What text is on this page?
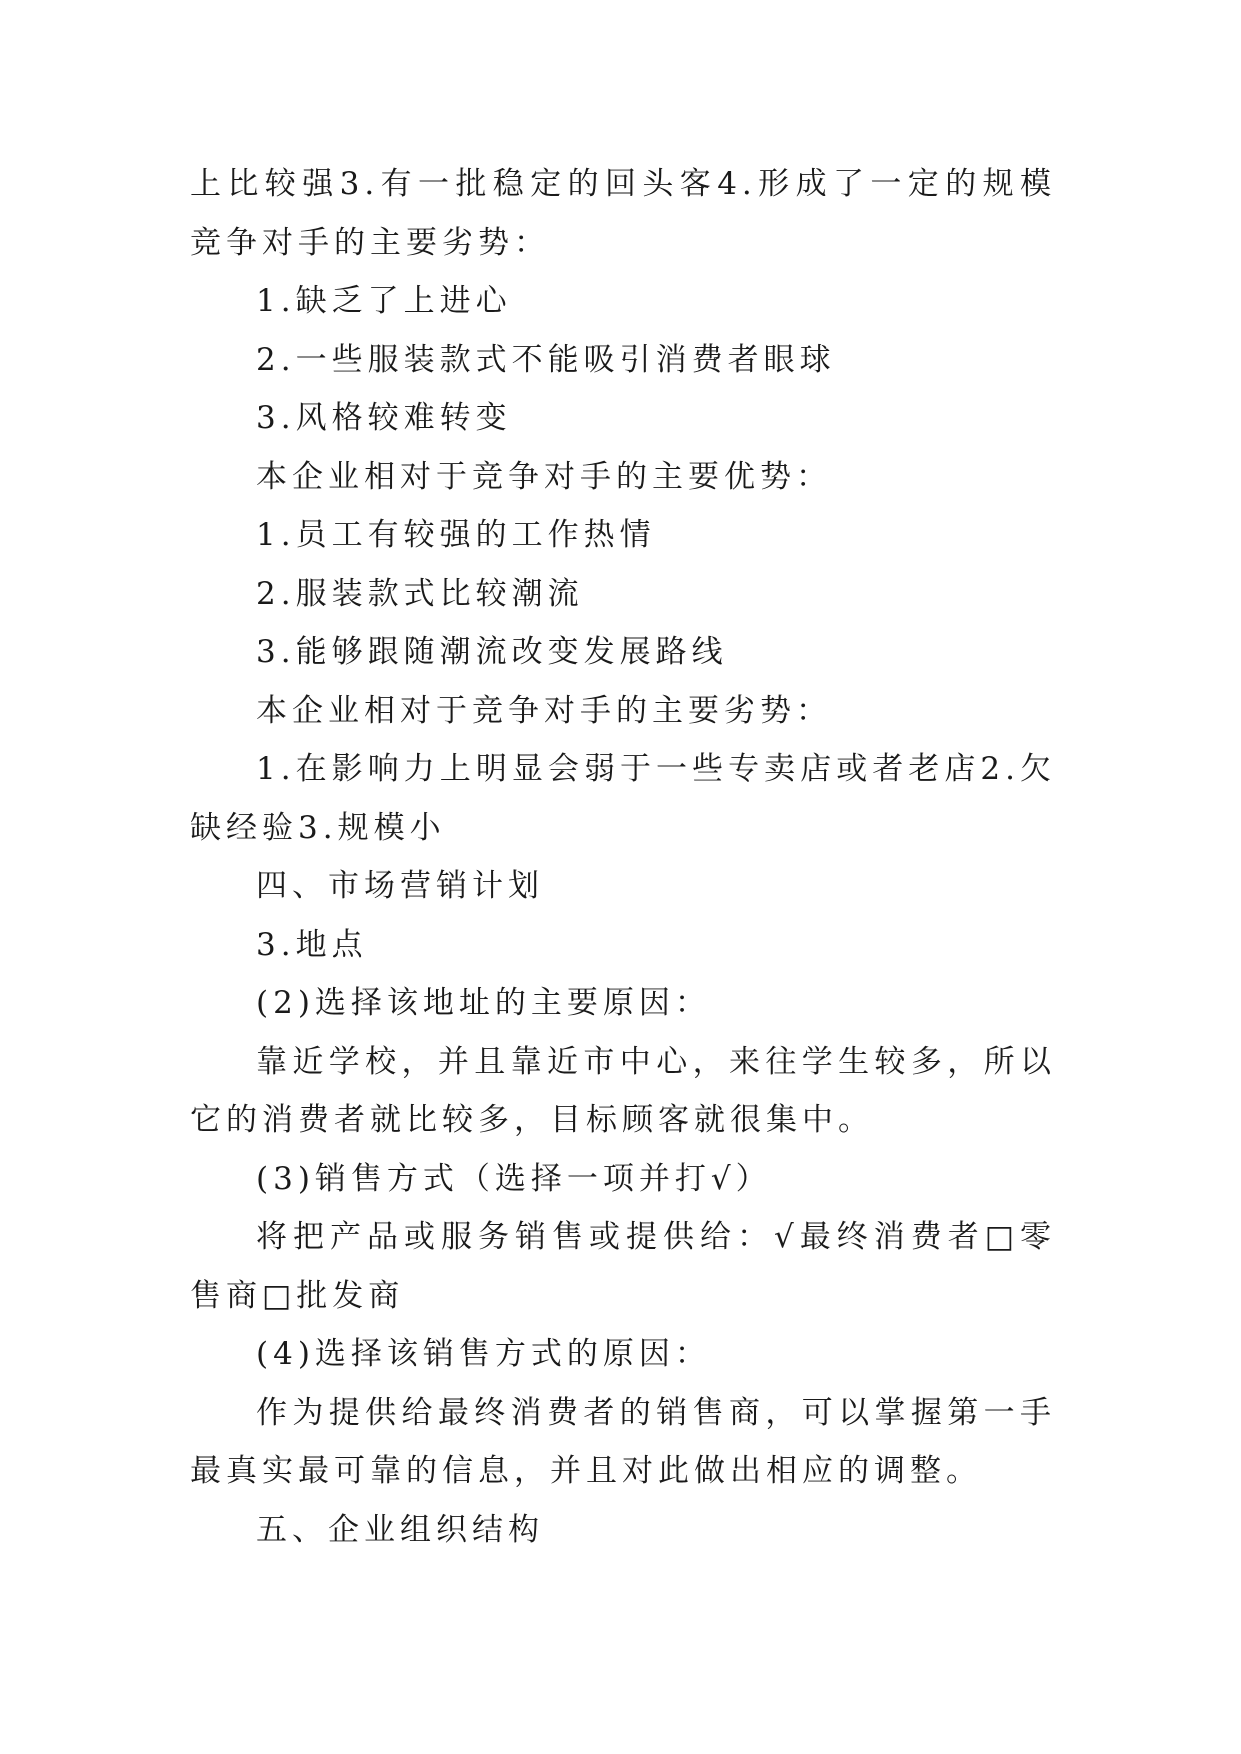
上比较强3.有一批稳定的回头客4.形成了一定的规模竞争对手的主要劣势：

1.缺乏了上进心

2.一些服装款式不能吸引消费者眼球

3.风格较难转变

本企业相对于竞争对手的主要优势：

1.员工有较强的工作热情

2.服装款式比较潮流

3.能够跟随潮流改变发展路线

本企业相对于竞争对手的主要劣势：

1.在影响力上明显会弱于一些专卖店或者老店2.欠缺经验3.规模小

四、市场营销计划

3.地点

(2)选择该地址的主要原因：

靠近学校，并且靠近市中心，来往学生较多，所以它的消费者就比较多，目标顾客就很集中。

(3)销售方式（选择一项并打√）

将把产品或服务销售或提供给：√最终消费者□零售商□批发商

(4)选择该销售方式的原因：

作为提供给最终消费者的销售商，可以掌握第一手最真实最可靠的信息，并且对此做出相应的调整。

五、企业组织结构
